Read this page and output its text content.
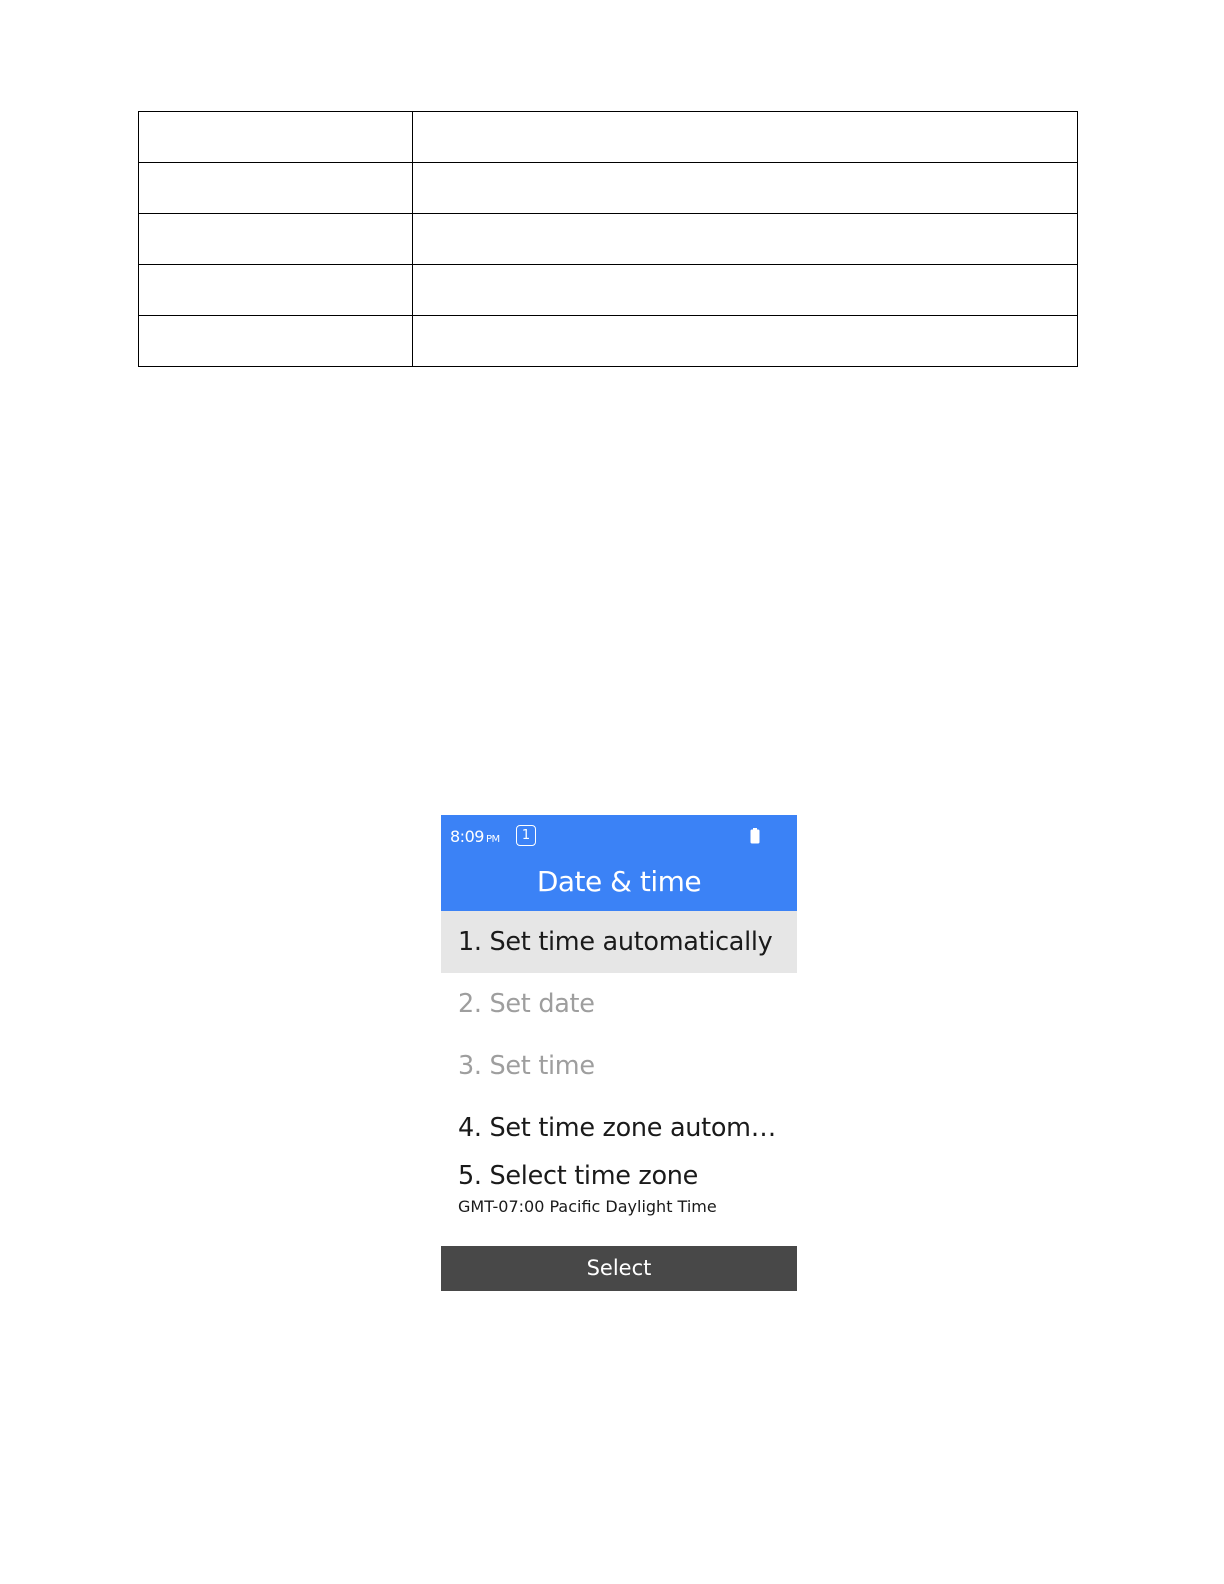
8:09 PM	1
Date & time
1. Set time automatically
2. Set date
3. Set time
4. Set time zone autom…
5. Select time zone
GMT-07:00 Pacific Daylight Time
Select
